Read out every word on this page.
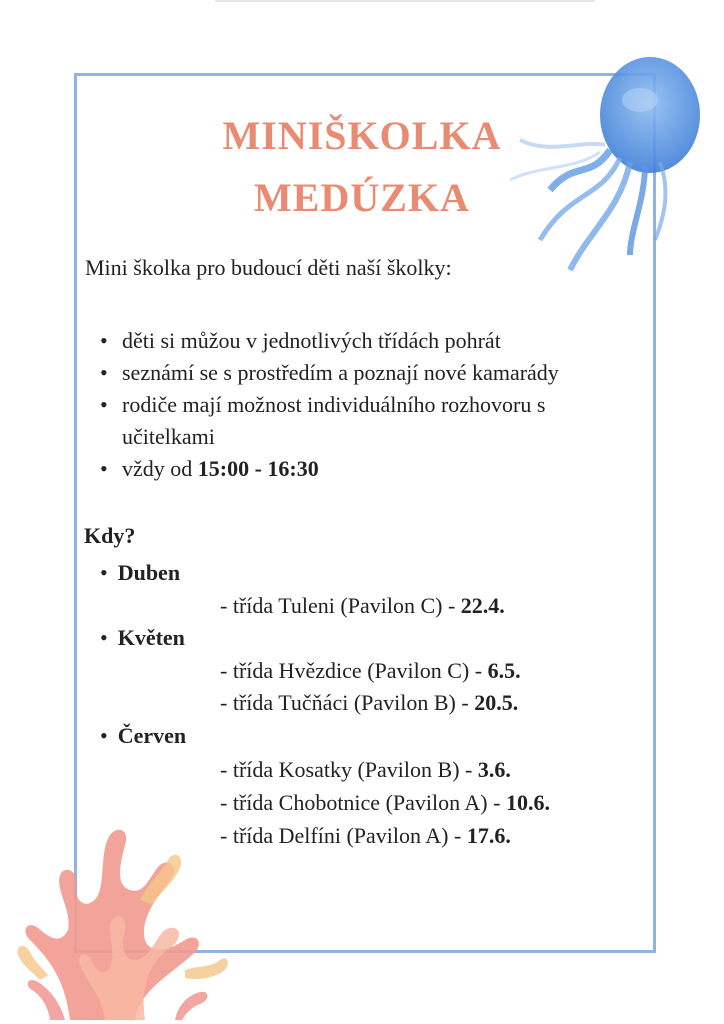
MINIŠKOLKA
MEDÚZKA

Mini školka pro budoucí děti naší školky:

• děti si můžou v jednotlivých třídách pohrát
• seznámí se s prostředím a poznají nové kamarády
• rodiče mají možnost individuálního rozhovoru s učitelkami
• vždy od 15:00 - 16:30

Kdy?

• Duben

- třída Tuleni (Pavilon C) - 22.4.

• Květen

- třída Hvězdice (Pavilon C) - 6.5.

- třída Tučňáci (Pavilon B) - 20.5.

• Červen

- třída Kosatky (Pavilon B) - 3.6.

- třída Chobotnice (Pavilon A) - 10.6.

- třída Delfíni (Pavilon A) - 17.6.
